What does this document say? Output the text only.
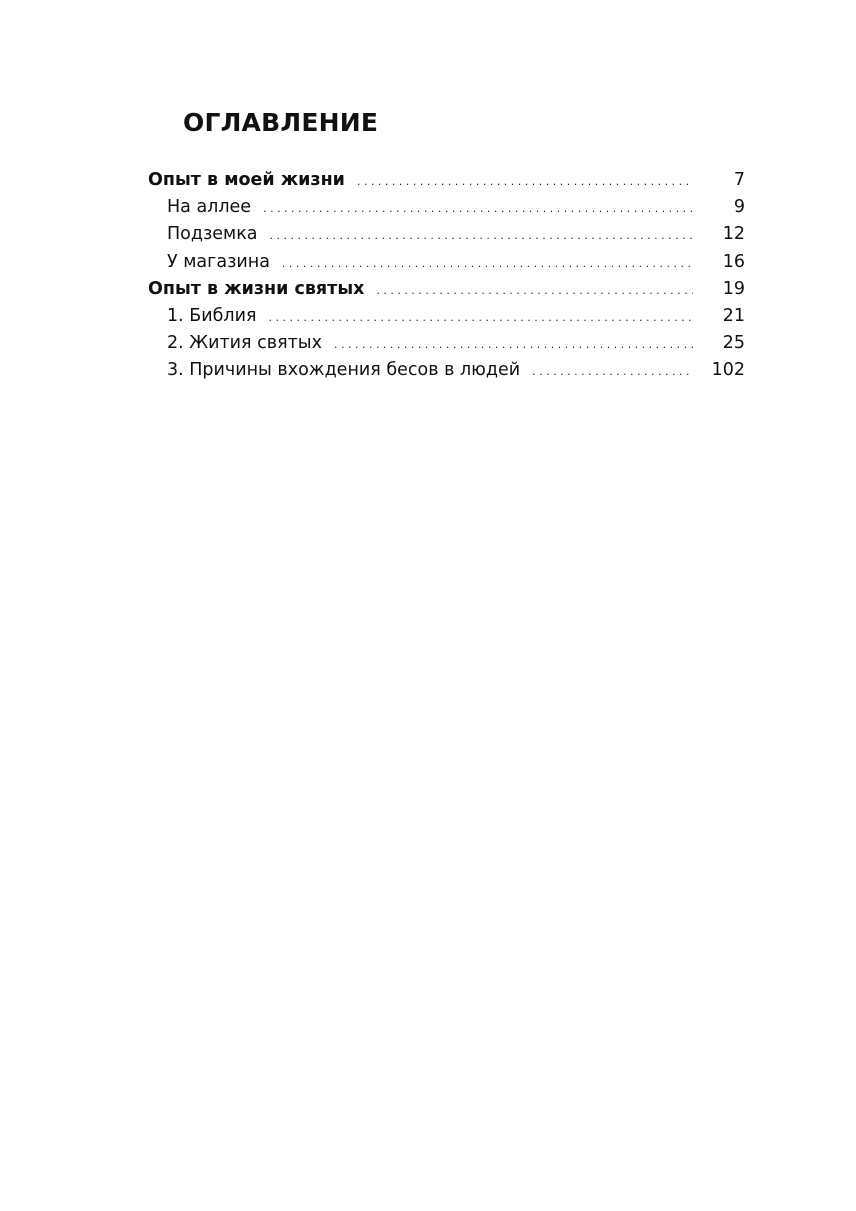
ОГЛАВЛЕНИЕ
Опыт в моей жизни . . .	7
На аллее . . .	9
Подземка . . .	12
У магазина . . .	16
Опыт в жизни святых . . .	19
1. Библия . . .	21
2. Жития святых . . .	25
3. Причины вхождения бесов в людей . . .	102
